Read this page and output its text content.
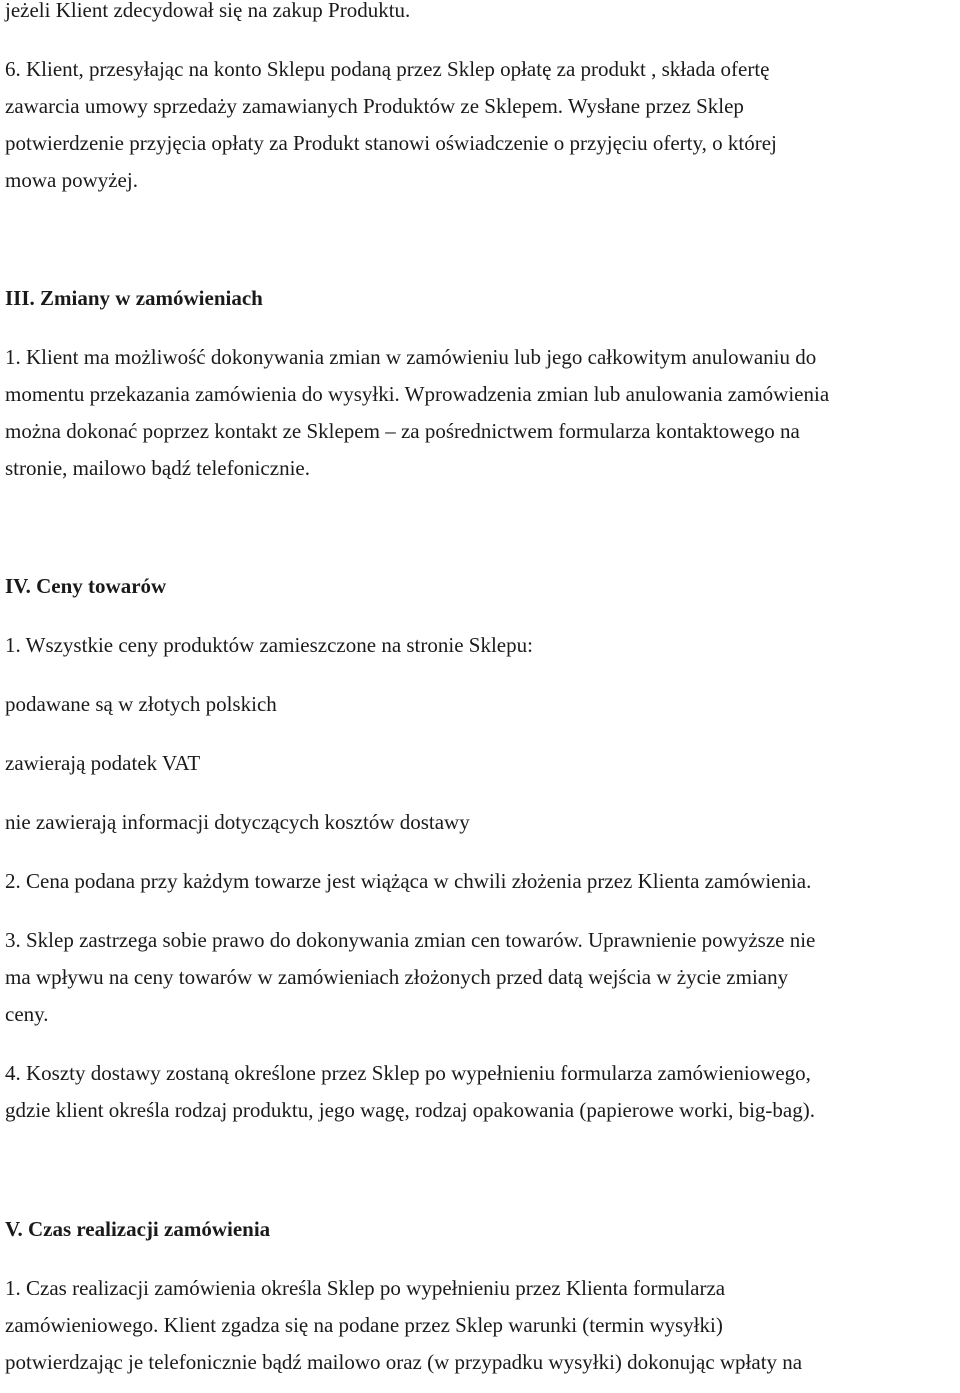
jeżeli Klient zdecydował się na zakup Produktu.

6. Klient, przesyłając na konto Sklepu podaną przez Sklep opłatę za produkt , składa ofertę

zawarcia umowy sprzedaży zamawianych Produktów ze Sklepem. Wysłane przez Sklep

potwierdzenie przyjęcia opłaty za Produkt stanowi oświadczenie o przyjęciu oferty, o której

mowa powyżej.

III. Zmiany w zamówieniach

1. Klient ma możliwość dokonywania zmian w zamówieniu lub jego całkowitym anulowaniu do

momentu przekazania zamówienia do wysyłki. Wprowadzenia zmian lub anulowania zamówienia

można dokonać poprzez kontakt ze Sklepem – za pośrednictwem formularza kontaktowego na

stronie, mailowo bądź telefonicznie.

IV. Ceny towarów

1. Wszystkie ceny produktów zamieszczone na stronie Sklepu:

podawane są w złotych polskich

zawierają podatek VAT

nie zawierają informacji dotyczących kosztów dostawy

2. Cena podana przy każdym towarze jest wiążąca w chwili złożenia przez Klienta zamówienia.

3. Sklep zastrzega sobie prawo do dokonywania zmian cen towarów. Uprawnienie powyższe nie

ma wpływu na ceny towarów w zamówieniach złożonych przed datą wejścia w życie zmiany

ceny.

4. Koszty dostawy zostaną określone przez Sklep po wypełnieniu formularza zamówieniowego,

gdzie klient określa rodzaj produktu, jego wagę, rodzaj opakowania (papierowe worki, big-bag).

V. Czas realizacji zamówienia

1. Czas realizacji zamówienia określa Sklep po wypełnieniu przez Klienta formularza

zamówieniowego. Klient zgadza się na podane przez Sklep warunki (termin wysyłki)

potwierdzając je telefonicznie bądź mailowo oraz (w przypadku wysyłki) dokonując wpłaty na
